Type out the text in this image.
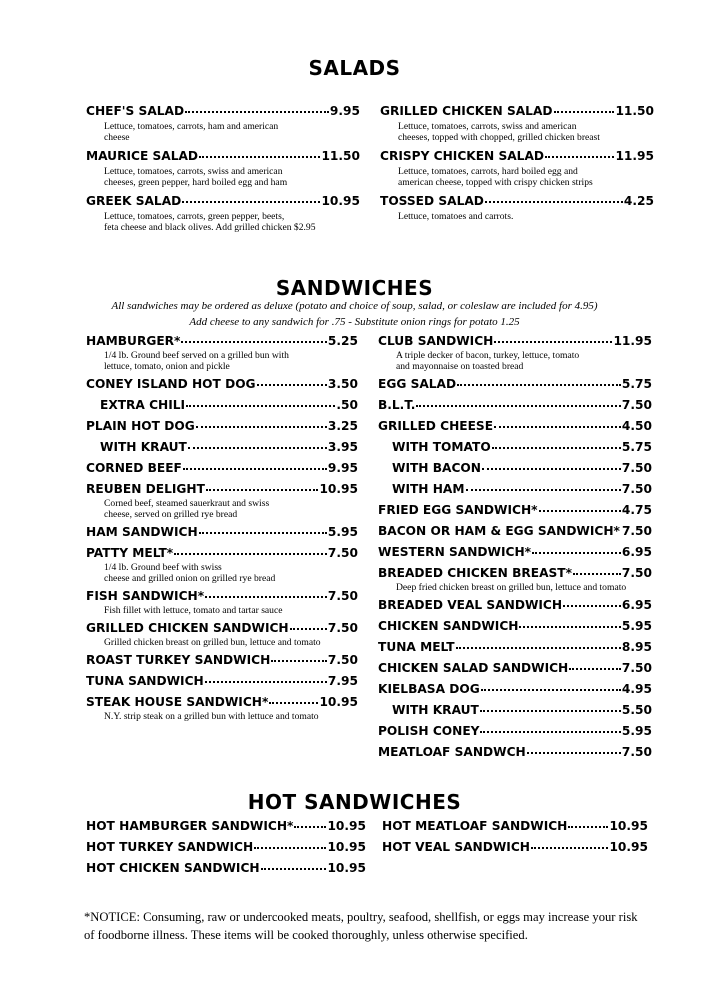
SALADS
CHEF'S SALAD	9.95
Lettuce, tomatoes, carrots, ham and american
cheese
MAURICE SALAD	11.50
Lettuce, tomatoes, carrots, swiss and american
cheeses, green pepper, hard boiled egg and ham
GREEK SALAD	10.95
Lettuce, tomatoes, carrots, green pepper, beets,
feta cheese and black olives. Add grilled chicken $2.95
GRILLED CHICKEN SALAD	11.50
Lettuce, tomatoes, carrots, swiss and american
cheeses, topped with chopped, grilled chicken breast
CRISPY CHICKEN SALAD	11.95
Lettuce, tomatoes, carrots, hard boiled egg and
american cheese, topped with crispy chicken strips
TOSSED SALAD	4.25
Lettuce, tomatoes and carrots.
SANDWICHES
All sandwiches may be ordered as deluxe (potato and choice of soup, salad, or coleslaw are included for 4.95)
Add cheese to any sandwich for .75 - Substitute onion rings for potato 1.25
HAMBURGER*	5.25
1/4 lb. Ground beef served on a grilled bun with
lettuce, tomato, onion and pickle
CONEY ISLAND HOT DOG	3.50
EXTRA CHILI	.50
PLAIN HOT DOG	3.25
WITH KRAUT	3.95
CORNED BEEF	9.95
REUBEN DELIGHT	10.95
Corned beef, steamed sauerkraut and swiss
cheese, served on grilled rye bread
HAM SANDWICH	5.95
PATTY MELT*	7.50
1/4 lb. Ground beef with swiss
cheese and grilled onion on grilled rye bread
FISH SANDWICH*	7.50
Fish fillet with lettuce, tomato and tartar sauce
GRILLED CHICKEN SANDWICH	7.50
Grilled chicken breast on grilled bun, lettuce and tomato
ROAST TURKEY SANDWICH	7.50
TUNA SANDWICH	7.95
STEAK HOUSE SANDWICH*	10.95
N.Y. strip steak on a grilled bun with lettuce and tomato
CLUB SANDWICH	11.95
A triple decker of bacon, turkey, lettuce, tomato
and mayonnaise on toasted bread
EGG SALAD	5.75
B.L.T.	7.50
GRILLED CHEESE	4.50
WITH TOMATO	5.75
WITH BACON	7.50
WITH HAM	7.50
FRIED EGG SANDWICH*	4.75
BACON OR HAM & EGG SANDWICH* 7.50
WESTERN SANDWICH*	6.95
BREADED CHICKEN BREAST*	7.50
Deep fried chicken breast on grilled bun, lettuce and tomato
BREADED VEAL SANDWICH	6.95
CHICKEN SANDWICH	5.95
TUNA MELT	8.95
CHICKEN SALAD SANDWICH	7.50
KIELBASA DOG	4.95
WITH KRAUT	5.50
POLISH CONEY	5.95
MEATLOAF SANDWCH	7.50
HOT SANDWICHES
HOT HAMBURGER SANDWICH*	10.95
HOT TURKEY SANDWICH	10.95
HOT CHICKEN SANDWICH	10.95
HOT MEATLOAF SANDWICH	10.95
HOT VEAL SANDWICH	10.95
*NOTICE: Consuming, raw or undercooked meats, poultry, seafood, shellfish, or eggs may increase your risk of foodborne illness. These items will be cooked thoroughly, unless otherwise specified.
